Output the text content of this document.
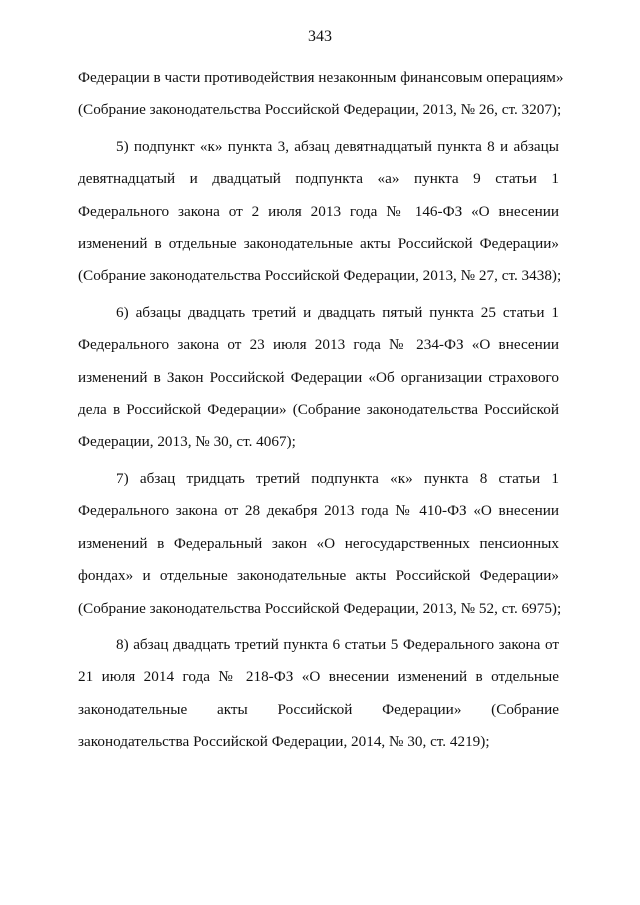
343

Федерации в части противодействия незаконным финансовым операциям»
(Собрание законодательства Российской Федерации, 2013, № 26, ст. 3207);

5) подпункт «к» пункта 3, абзац девятнадцатый пункта 8 и абзацы
девятнадцатый и двадцатый подпункта «а» пункта 9 статьи 1
Федерального закона от 2 июля 2013 года № 146-ФЗ «О внесении
изменений в отдельные законодательные акты Российской Федерации»
(Собрание законодательства Российской Федерации, 2013, № 27, ст. 3438);

6) абзацы двадцать третий и двадцать пятый пункта 25 статьи 1
Федерального закона от 23 июля 2013 года № 234-ФЗ «О внесении
изменений в Закон Российской Федерации «Об организации страхового
дела в Российской Федерации» (Собрание законодательства Российской
Федерации, 2013, № 30, ст. 4067);

7) абзац тридцать третий подпункта «к» пункта 8 статьи 1
Федерального закона от 28 декабря 2013 года № 410-ФЗ «О внесении
изменений в Федеральный закон «О негосударственных пенсионных
фондах» и отдельные законодательные акты Российской Федерации»
(Собрание законодательства Российской Федерации, 2013, № 52, ст. 6975);

8) абзац двадцать третий пункта 6 статьи 5 Федерального закона от
21 июля 2014 года № 218-ФЗ «О внесении изменений в отдельные
законодательные акты Российской Федерации» (Собрание
законодательства Российской Федерации, 2014, № 30, ст. 4219);
